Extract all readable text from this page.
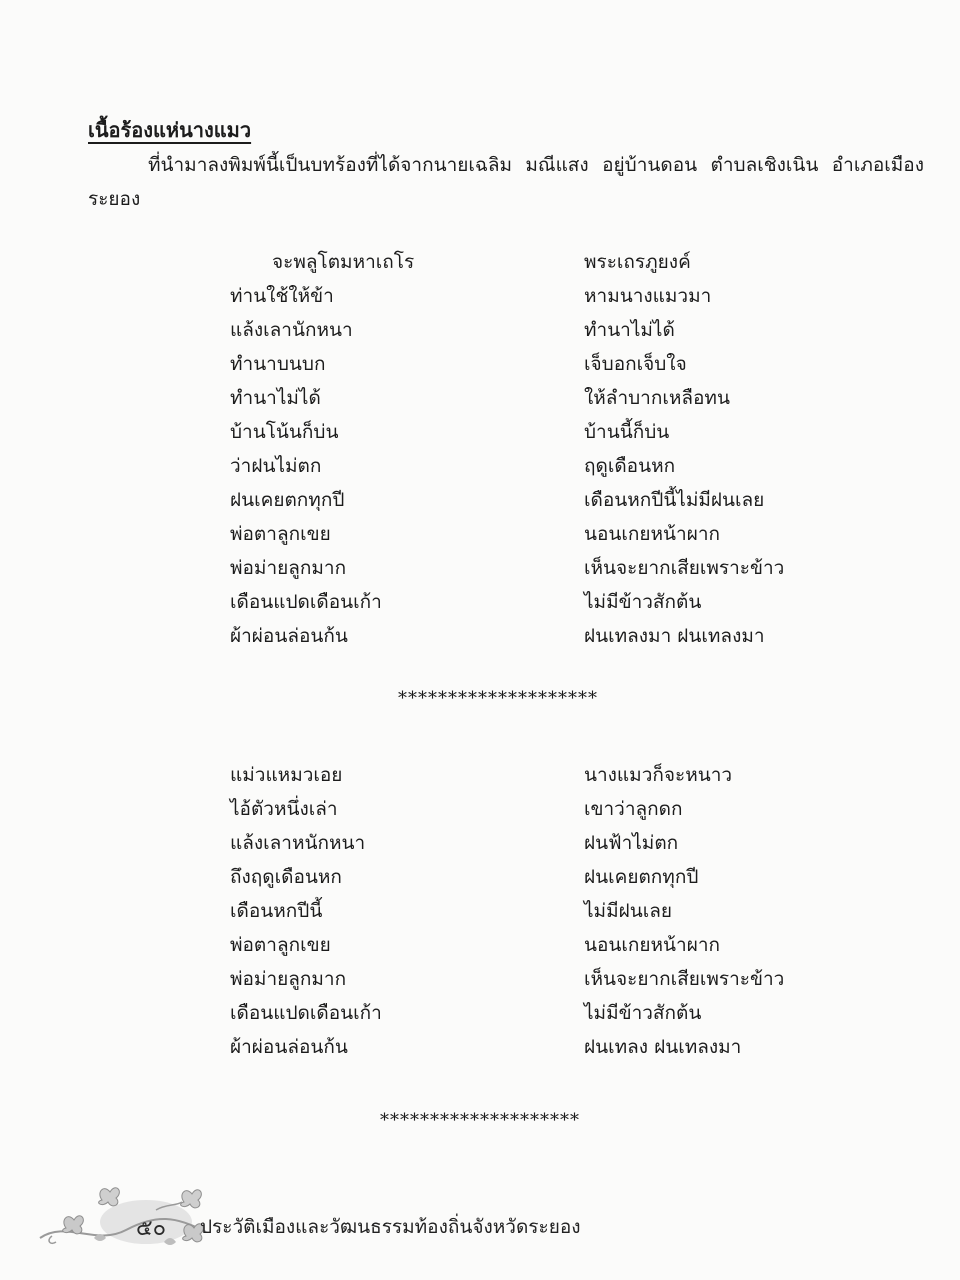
เนื้อร้องแห่นางแมว
ที่นำมาลงพิมพ์นี้เป็นบทร้องที่ได้จากนายเฉลิม มณีแสง อยู่บ้านดอน ตำบลเชิงเนิน อำเภอเมืองระยอง
จะพลูโตมหาเถโร	พระเถรภูยงค์
ท่านใช้ให้ข้า	หามนางแมวมา
แล้งเลานักหนา	ทำนาไม่ได้
ทำนาบนบก	เจ็บอกเจ็บใจ
ทำนาไม่ได้	ให้ลำบากเหลือทน
บ้านโน้นก็บ่น	บ้านนี้ก็บ่น
ว่าฝนไม่ตก	ฤดูเดือนหก
ฝนเคยตกทุกปี	เดือนหกปีนี้ไม่มีฝนเลย
พ่อตาลูกเขย	นอนเกยหน้าผาก
พ่อม่ายลูกมาก	เห็นจะยากเสียเพราะข้าว
เดือนแปดเดือนเก้า	ไม่มีข้าวสักต้น
ผ้าผ่อนล่อนก้น	ฝนเทลงมา ฝนเทลงมา
********************
แม่วแหมวเอย	นางแมวก็จะหนาว
ไอ้ตัวหนึ่งเล่า	เขาว่าลูกดก
แล้งเลาหนักหนา	ฝนฟ้าไม่ตก
ถึงฤดูเดือนหก	ฝนเคยตกทุกปี
เดือนหกปีนี้	ไม่มีฝนเลย
พ่อตาลูกเขย	นอนเกยหน้าผาก
พ่อม่ายลูกมาก	เห็นจะยากเสียเพราะข้าว
เดือนแปดเดือนเก้า	ไม่มีข้าวสักต้น
ผ้าผ่อนล่อนก้น	ฝนเทลง ฝนเทลงมา
********************
๕๐ ประวัติเมืองและวัฒนธรรมท้องถิ่นจังหวัดระยอง
